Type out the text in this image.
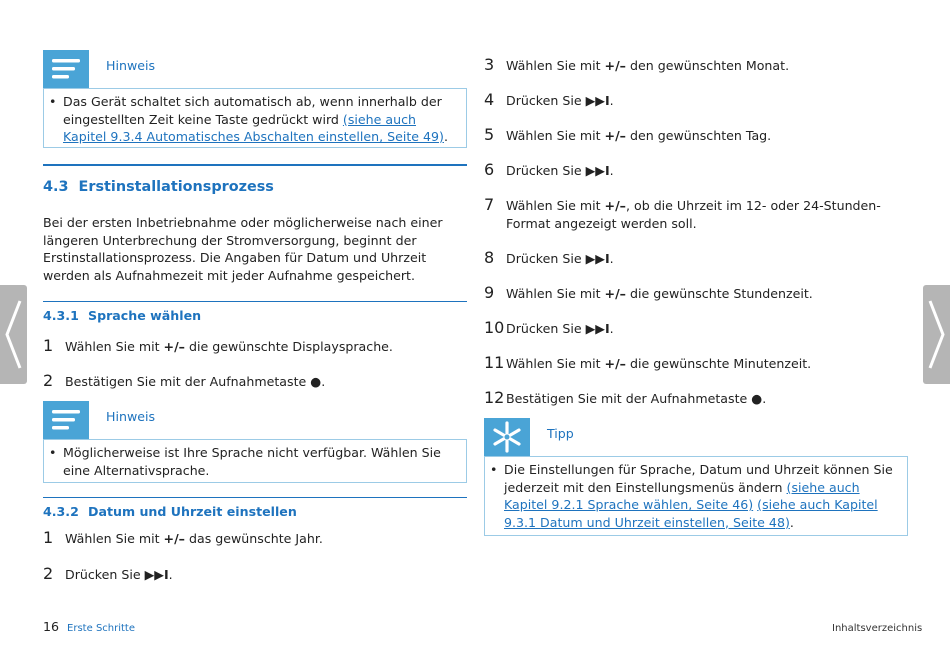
Hinweis
• Das Gerät schaltet sich automatisch ab, wenn innerhalb der eingestellten Zeit keine Taste gedrückt wird (siehe auch Kapitel 9.3.4 Automatisches Abschalten einstellen, Seite 49).
4.3 Erstinstallationsprozess
Bei der ersten Inbetriebnahme oder möglicherweise nach einer längeren Unterbrechung der Stromversorgung, beginnt der Erstinstallationsprozess. Die Angaben für Datum und Uhrzeit werden als Aufnahmezeit mit jeder Aufnahme gespeichert.
4.3.1 Sprache wählen
1 Wählen Sie mit +/– die gewünschte Displaysprache.
2 Bestätigen Sie mit der Aufnahmetaste ●.
Hinweis
• Möglicherweise ist Ihre Sprache nicht verfügbar. Wählen Sie eine Alternativsprache.
4.3.2 Datum und Uhrzeit einstellen
1 Wählen Sie mit +/– das gewünschte Jahr.
2 Drücken Sie ▶▶I.
3 Wählen Sie mit +/– den gewünschten Monat.
4 Drücken Sie ▶▶I.
5 Wählen Sie mit +/– den gewünschten Tag.
6 Drücken Sie ▶▶I.
7 Wählen Sie mit +/–, ob die Uhrzeit im 12- oder 24-Stunden-Format angezeigt werden soll.
8 Drücken Sie ▶▶I.
9 Wählen Sie mit +/– die gewünschte Stundenzeit.
10 Drücken Sie ▶▶I.
11 Wählen Sie mit +/– die gewünschte Minutenzeit.
12 Bestätigen Sie mit der Aufnahmetaste ●.
Tipp
• Die Einstellungen für Sprache, Datum und Uhrzeit können Sie jederzeit mit den Einstellungsmenüs ändern (siehe auch Kapitel 9.2.1 Sprache wählen, Seite 46) (siehe auch Kapitel 9.3.1 Datum und Uhrzeit einstellen, Seite 48).
16 Erste Schritte	Inhaltsverzeichnis
